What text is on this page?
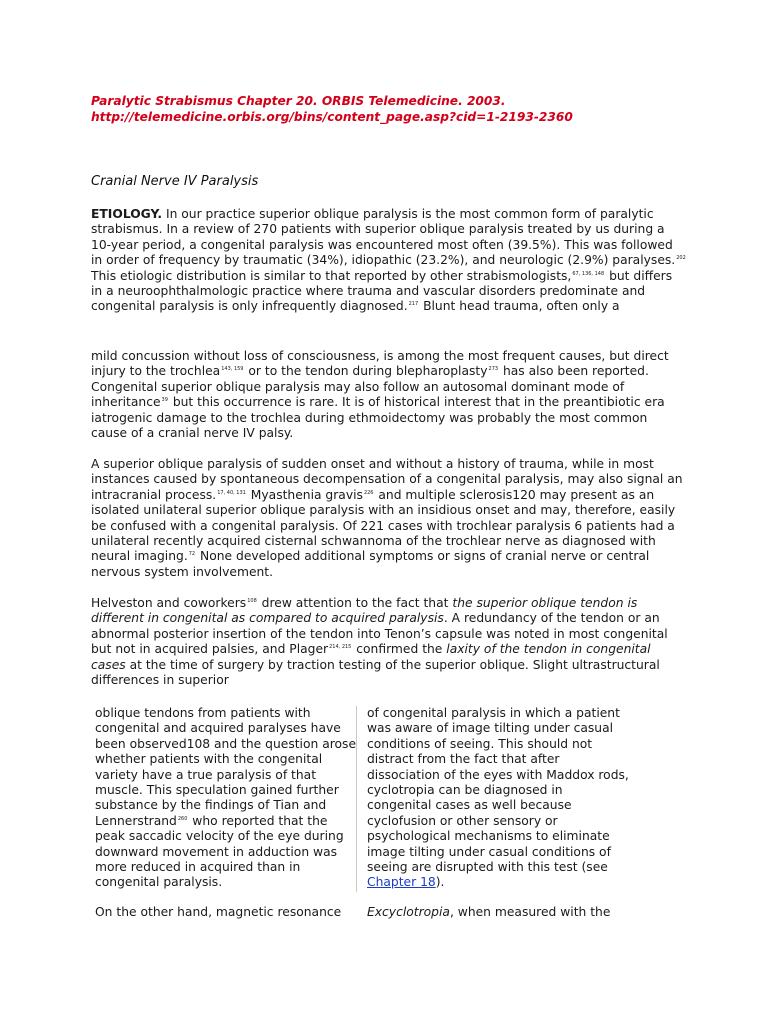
Paralytic Strabismus Chapter 20. ORBIS Telemedicine. 2003.
http://telemedicine.orbis.org/bins/content_page.asp?cid=1-2193-2360
Cranial Nerve IV Paralysis
ETIOLOGY. In our practice superior oblique paralysis is the most common form of paralytic strabismus. In a review of 270 patients with superior oblique paralysis treated by us during a 10-year period, a congenital paralysis was encountered most often (39.5%). This was followed in order of frequency by traumatic (34%), idiopathic (23.2%), and neurologic (2.9%) paralyses.$^{202}$ This etiologic distribution is similar to that reported by other strabismologists,$^{67, 136, 148}$ but differs in a neuroophthalmologic practice where trauma and vascular disorders predominate and congenital paralysis is only infrequently diagnosed.$^{217}$ Blunt head trauma, often only a
mild concussion without loss of consciousness, is among the most frequent causes, but direct injury to the trochlea$^{143, 159}$ or to the tendon during blepharoplasty$^{273}$ has also been reported. Congenital superior oblique paralysis may also follow an autosomal dominant mode of inheritance$^{39}$ but this occurrence is rare. It is of historical interest that in the preantibiotic era iatrogenic damage to the trochlea during ethmoidectomy was probably the most common cause of a cranial nerve IV palsy.
A superior oblique paralysis of sudden onset and without a history of trauma, while in most instances caused by spontaneous decompensation of a congenital paralysis, may also signal an intracranial process.$^{17, 40, 131}$ Myasthenia gravis$^{226}$ and multiple sclerosis120 may present as an isolated unilateral superior oblique paralysis with an insidious onset and may, therefore, easily be confused with a congenital paralysis. Of 221 cases with trochlear paralysis 6 patients had a unilateral recently acquired cisternal schwannoma of the trochlear nerve as diagnosed with neural imaging.$^{72}$ None developed additional symptoms or signs of cranial nerve or central nervous system involvement.
Helveston and coworkers$^{108}$ drew attention to the fact that the superior oblique tendon is different in congenital as compared to acquired paralysis. A redundancy of the tendon or an abnormal posterior insertion of the tendon into Tenon’s capsule was noted in most congenital but not in acquired palsies, and Plager$^{214, 215}$ confirmed the laxity of the tendon in congenital cases at the time of surgery by traction testing of the superior oblique. Slight ultrastructural differences in superior
oblique tendons from patients with congenital and acquired paralyses have been observed108 and the question arose whether patients with the congenital variety have a true paralysis of that muscle. This speculation gained further substance by the findings of Tian and Lennerstrand$^{260}$ who reported that the peak saccadic velocity of the eye during downward movement in adduction was more reduced in acquired than in congenital paralysis.
On the other hand, magnetic resonance
of congenital paralysis in which a patient was aware of image tilting under casual conditions of seeing. This should not distract from the fact that after dissociation of the eyes with Maddox rods, cyclotropia can be diagnosed in congenital cases as well because cyclofusion or other sensory or psychological mechanisms to eliminate image tilting under casual conditions of seeing are disrupted with this test (see Chapter 18).
Excyclotropia, when measured with the
